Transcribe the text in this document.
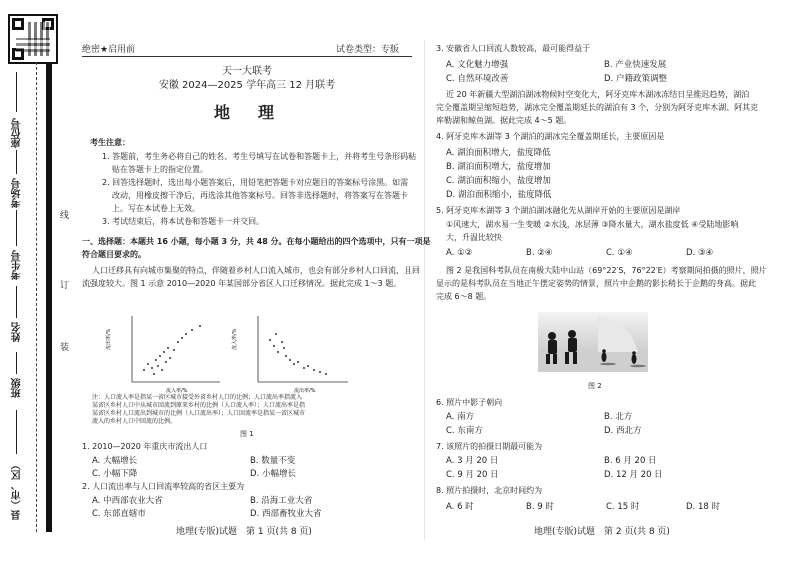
座位号
考场号
考生号
姓名
班级
县（市、区）
线
订
装
绝密★启用前	试卷类型：专版
天一大联考
安徽 2024—2025 学年高三 12 月联考
地　理
考生注意：
1. 答题前，考生务必将自己的姓名、考生号填写在试卷和答题卡上，并将考生号条形码粘
贴在答题卡上的指定位置。
2. 回答选择题时，选出每小题答案后，用铅笔把答题卡对应题目的答案标号涂黑。如需
改动，用橡皮擦干净后，再选涂其他答案标号。回答非选择题时，将答案写在答题卡
上。写在本试卷上无效。
3. 考试结束后，将本试卷和答题卡一并交回。
一、选择题：本题共 16 小题，每小题 3 分，共 48 分。在每小题给出的四个选项中，只有一项是
符合题目要求的。
人口迁移具有向城市集聚的特点，伴随着乡村人口流入城市，也会有部分乡村人口回流，且回
流强度较大。图 1 示意 2010—2020 年某国部分省区人口迁移情况。据此完成 1～3 题。
流出率/%
流入率/%
流入率/%
流出率/%
注：人口流入率是指某一省区城市接受外省乡村人口的比例；人口流出率指流入
某省区乡村人口中从城市回流到原来乡村的比例（人口流入率）；人口流出率是指
某省区乡村人口流出到城市的比例（人口流出率）；人口回流率是指某一省区城市
流入的乡村人口中回流的比例。
图 1
1. 2010—2020 年重庆市流出人口
A. 大幅增长	B. 数量不变
C. 小幅下降	D. 小幅增长
2. 人口流出率与人口回流率较高的省区主要为
A. 中西部农业大省	B. 沿海工业大省
C. 东部直辖市	D. 西部畜牧业大省
3. 安徽省人口回流人数较高，最可能得益于
A. 文化魅力增强	B. 产业快速发展
C. 自然环境改善	D. 户籍政策调整
近 20 年新疆大型湖泊湖冰物候时空变化大，阿牙克库木湖冰冻结日呈推迟趋势，湖泊
完全覆盖期呈缩短趋势，湖冰完全覆盖期延长的湖泊有 3 个，分别为阿牙克库木湖、阿其克
库勒湖和鲸鱼湖。据此完成 4～5 题。
4. 阿牙克库木湖等 3 个湖泊的湖冰完全覆盖期延长，主要原因是
A. 湖泊面积增大，盐度降低
B. 湖泊面积增大，盐度增加
C. 湖泊面积缩小，盐度增加
D. 湖泊面积缩小，盐度降低
5. 阿牙克库木湖等 3 个湖泊湖冰融化先从湖岸开始的主要原因是湖岸
①风速大，湖水易一生变暖 ②水浅，冰层薄 ③降水量大，湖水盐度低 ④受陆地影响
大，升温比较快
A. ①②	B. ②④	C. ①④	D. ③④
图 2 是我国科考队员在南极大陆中山站（69°22′S，76°22′E）考察期间拍摄的照片，照片
显示的是科考队员在当地正午摆定姿势的情景，照片中企鹅的影长稍长于企鹅的身高。据此
完成 6～8 题。
图 2
6. 照片中影子朝向
A. 南方	B. 北方
C. 东南方	D. 西北方
7. 该照片的拍摄日期最可能为
A. 3 月 20 日	B. 6 月 20 日
C. 9 月 20 日	D. 12 月 20 日
8. 照片拍摄时，北京时间约为
A. 6 时	B. 9 时	C. 15 时	D. 18 时
地理(专版)试题　第 1 页(共 8 页)	地理(专版)试题　第 2 页(共 8 页)
